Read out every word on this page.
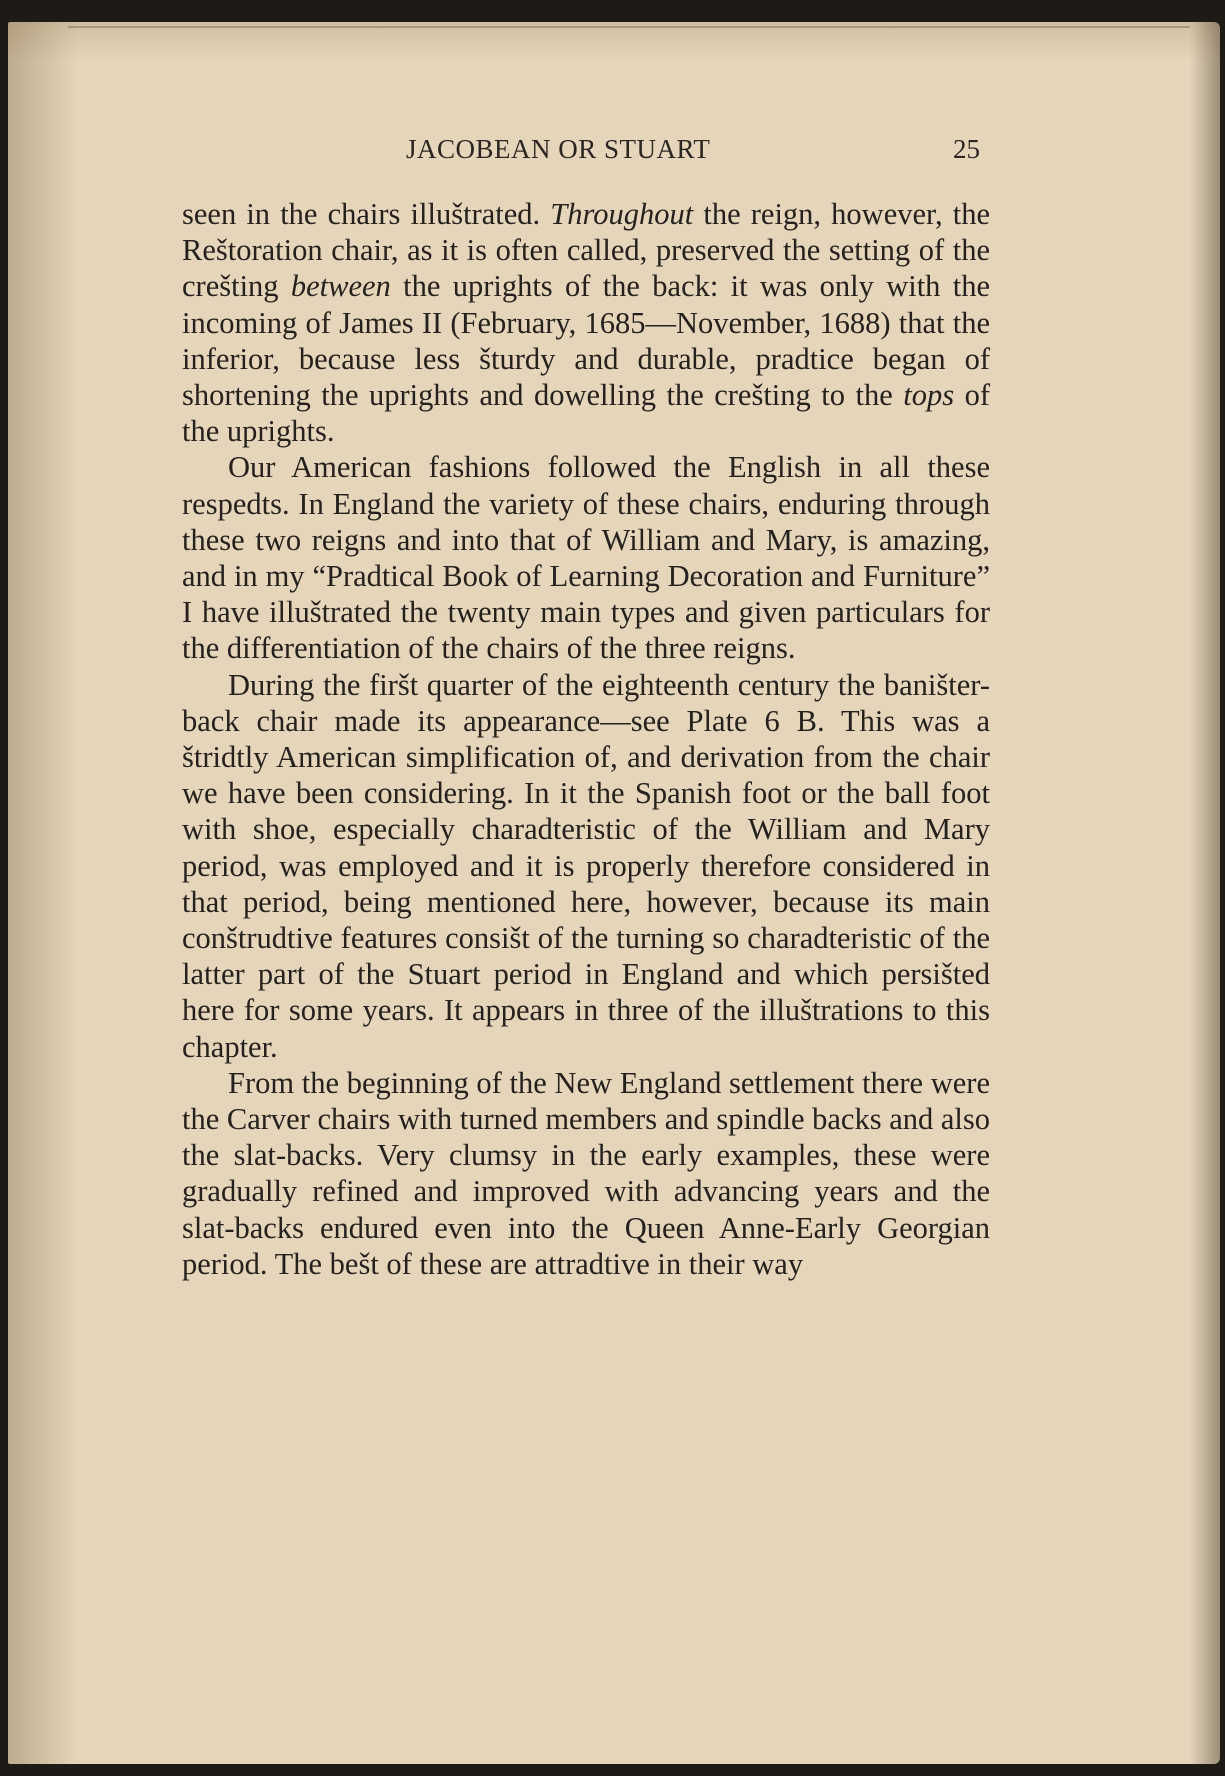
JACOBEAN OR STUART	25

seen in the chairs illuštrated. Throughout the reign, however, the Reštoration chair, as it is often called, preserved the setting of the crešting between the uprights of the back: it was only with the incoming of James II (February, 1685—November, 1688) that the inferior, because less šturdy and durable, pradtice began of shortening the uprights and dowelling the crešting to the tops of the uprights.

Our American fashions followed the English in all these respedts. In England the variety of these chairs, enduring through these two reigns and into that of William and Mary, is amazing, and in my “Pradtical Book of Learning Decoration and Furniture” I have illuštrated the twenty main types and given particulars for the differentiation of the chairs of the three reigns.

During the firšt quarter of the eighteenth century the baništer-back chair made its appearance—see Plate 6 B. This was a štridtly American simplification of, and derivation from the chair we have been considering. In it the Spanish foot or the ball foot with shoe, especially charadteristic of the William and Mary period, was employed and it is properly therefore considered in that period, being mentioned here, however, because its main conštrudtive features consišt of the turning so charadteristic of the latter part of the Stuart period in England and which persišted here for some years. It appears in three of the illuštrations to this chapter.

From the beginning of the New England settlement there were the Carver chairs with turned members and spindle backs and also the slat-backs. Very clumsy in the early examples, these were gradually refined and improved with advancing years and the slat-backs endured even into the Queen Anne-Early Georgian period. The bešt of these are attradtive in their way
